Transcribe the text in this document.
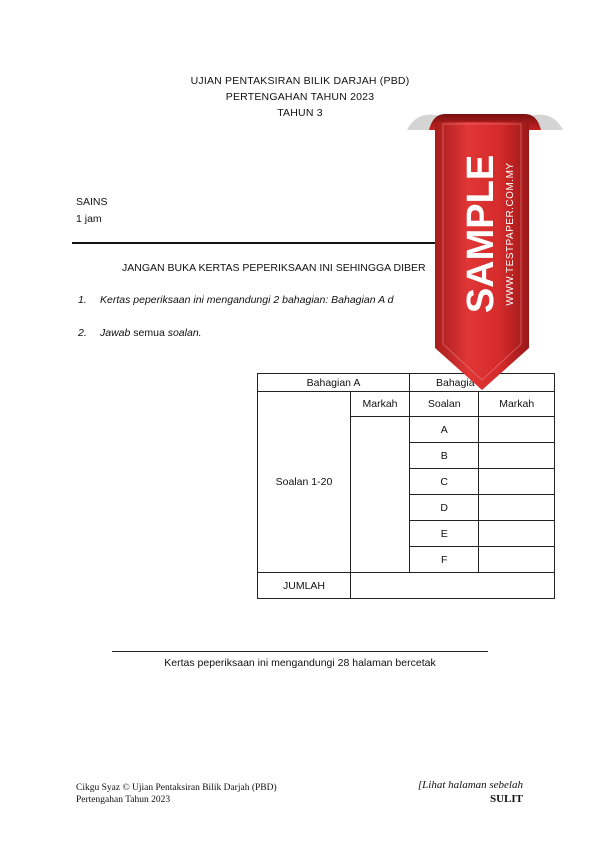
UJIAN PENTAKSIRAN BILIK DARJAH (PBD)
PERTENGAHAN TAHUN 2023
TAHUN 3
SAINS
1 jam
JANGAN BUKA KERTAS PEPERIKSAAN INI SEHINGGA DIBER
1. Kertas peperiksaan ini mengandungi 2 bahagian: Bahagian A d
2. Jawab semua soalan.
Bahagian A		Bahagia	
Soalan 1-20	Markah	Soalan	Markah
		A	
		B	
		C	
		D	
		E	
		F	
JUMLAH			
Kertas peperiksaan ini mengandungi 28 halaman bercetak
Cikgu Syaz © Ujian Pentaksiran Bilik Darjah (PBD)
Pertengahan Tahun 2023
[Lihat halaman sebelah
SULIT
SAMPLE WWW.TESTPAPER.COM.MY
